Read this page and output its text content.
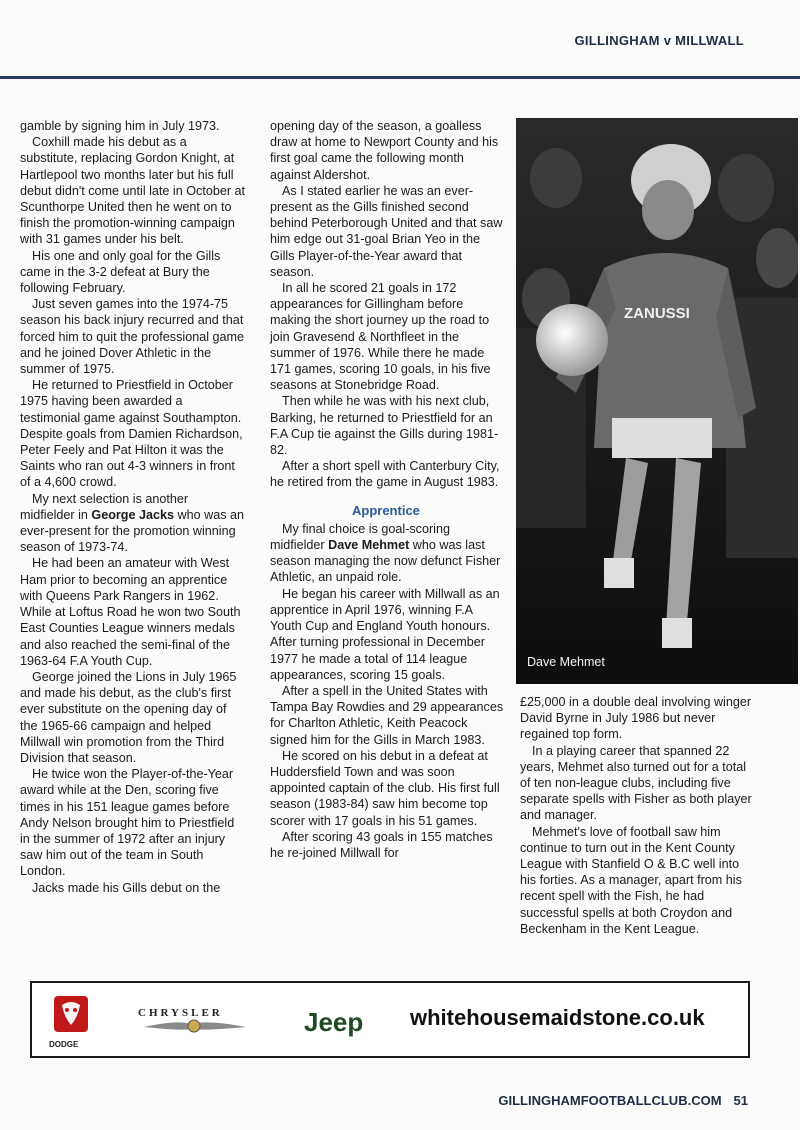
GILLINGHAM v MILLWALL

gamble by signing him in July 1973.

Coxhill made his debut as a substitute, replacing Gordon Knight, at Hartlepool two months later but his full debut didn't come until late in October at Scunthorpe United then he went on to finish the promotion-winning campaign with 31 games under his belt.

His one and only goal for the Gills came in the 3-2 defeat at Bury the following February.

Just seven games into the 1974-75 season his back injury recurred and that forced him to quit the professional game and he joined Dover Athletic in the summer of 1975.

He returned to Priestfield in October 1975 having been awarded a testimonial game against Southampton. Despite goals from Damien Richardson, Peter Feely and Pat Hilton it was the Saints who ran out 4-3 winners in front of a 4,600 crowd.

My next selection is another midfielder in George Jacks who was an ever-present for the promotion winning season of 1973-74.

He had been an amateur with West Ham prior to becoming an apprentice with Queens Park Rangers in 1962. While at Loftus Road he won two South East Counties League winners medals and also reached the semi-final of the 1963-64 F.A Youth Cup.

George joined the Lions in July 1965 and made his debut, as the club's first ever substitute on the opening day of the 1965-66 campaign and helped Millwall win promotion from the Third Division that season.

He twice won the Player-of-the-Year award while at the Den, scoring five times in his 151 league games before Andy Nelson brought him to Priestfield in the summer of 1972 after an injury saw him out of the team in South London.

Jacks made his Gills debut on the

opening day of the season, a goalless draw at home to Newport County and his first goal came the following month against Aldershot.

As I stated earlier he was an ever-present as the Gills finished second behind Peterborough United and that saw him edge out 31-goal Brian Yeo in the Gills Player-of-the-Year award that season.

In all he scored 21 goals in 172 appearances for Gillingham before making the short journey up the road to join Gravesend & Northfleet in the summer of 1976. While there he made 171 games, scoring 10 goals, in his five seasons at Stonebridge Road.

Then while he was with his next club, Barking, he returned to Priestfield for an F.A Cup tie against the Gills during 1981-82.

After a short spell with Canterbury City, he retired from the game in August 1983.

Apprentice

My final choice is goal-scoring midfielder Dave Mehmet who was last season managing the now defunct Fisher Athletic, an unpaid role.

He began his career with Millwall as an apprentice in April 1976, winning F.A Youth Cup and England Youth honours. After turning professional in December 1977 he made a total of 114 league appearances, scoring 15 goals.

After a spell in the United States with Tampa Bay Rowdies and 29 appearances for Charlton Athletic, Keith Peacock signed him for the Gills in March 1983.

He scored on his debut in a defeat at Huddersfield Town and was soon appointed captain of the club. His first full season (1983-84) saw him become top scorer with 17 goals in his 51 games.

After scoring 43 goals in 155 matches he re-joined Millwall for

ZANUSSI
Dave Mehmet

£25,000 in a double deal involving winger David Byrne in July 1986 but never regained top form.

In a playing career that spanned 22 years, Mehmet also turned out for a total of ten non-league clubs, including five separate spells with Fisher as both player and manager.

Mehmet's love of football saw him continue to turn out in the Kent County League with Stanfield O & B.C well into his forties. As a manager, apart from his recent spell with the Fish, he had successful spells at both Croydon and Beckenham in the Kent League.

DODGE
CHRYSLER	Jeep whitehousemaidstone.co.uk
GILLINGHAMFOOTBALLCLUB.COM 51
